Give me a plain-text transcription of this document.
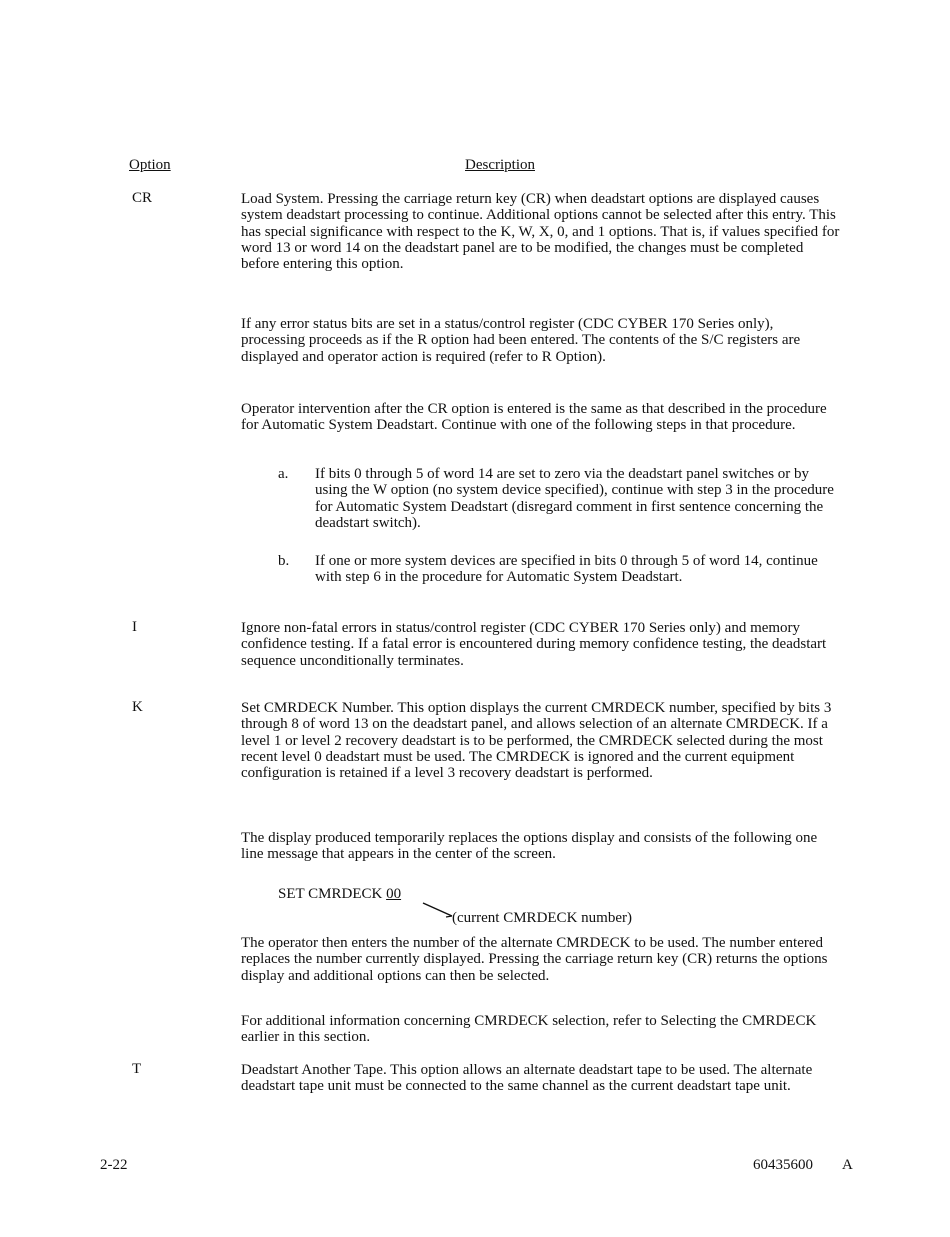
Option	Description
CR	Load System. Pressing the carriage return key (CR) when deadstart options are displayed causes system deadstart processing to continue. Additional options cannot be selected after this entry. This has special significance with respect to the K, W, X, 0, and 1 options. That is, if values specified for word 13 or word 14 on the deadstart panel are to be modified, the changes must be completed before entering this option.

If any error status bits are set in a status/control register (CDC CYBER 170 Series only), processing proceeds as if the R option had been entered. The contents of the S/C registers are displayed and operator action is required (refer to R Option).

Operator intervention after the CR option is entered is the same as that described in the procedure for Automatic System Deadstart. Continue with one of the following steps in that procedure.

a. If bits 0 through 5 of word 14 are set to zero via the deadstart panel switches or by using the W option (no system device specified), continue with step 3 in the procedure for Automatic System Deadstart (disregard comment in first sentence concerning the deadstart switch).
b. If one or more system devices are specified in bits 0 through 5 of word 14, continue with step 6 in the procedure for Automatic System Deadstart.
I	Ignore non-fatal errors in status/control register (CDC CYBER 170 Series only) and memory confidence testing. If a fatal error is encountered during memory confidence testing, the deadstart sequence unconditionally terminates.

K	Set CMRDECK Number. This option displays the current CMRDECK number, specified by bits 3 through 8 of word 13 on the deadstart panel, and allows selection of an alternate CMRDECK. If a level 1 or level 2 recovery deadstart is to be performed, the CMRDECK selected during the most recent level 0 deadstart must be used. The CMRDECK is ignored and the current equipment configuration is retained if a level 3 recovery deadstart is performed.

The display produced temporarily replaces the options display and consists of the following one line message that appears in the center of the screen.

SET CMRDECK 00
(current CMRDECK number)

The operator then enters the number of the alternate CMRDECK to be used. The number entered replaces the number currently displayed. Pressing the carriage return key (CR) returns the options display and additional options can then be selected.

For additional information concerning CMRDECK selection, refer to Selecting the CMRDECK earlier in this section.

T	Deadstart Another Tape. This option allows an alternate deadstart tape to be used. The alternate deadstart tape unit must be connected to the same channel as the current deadstart tape unit.

2-22	60435600 A
